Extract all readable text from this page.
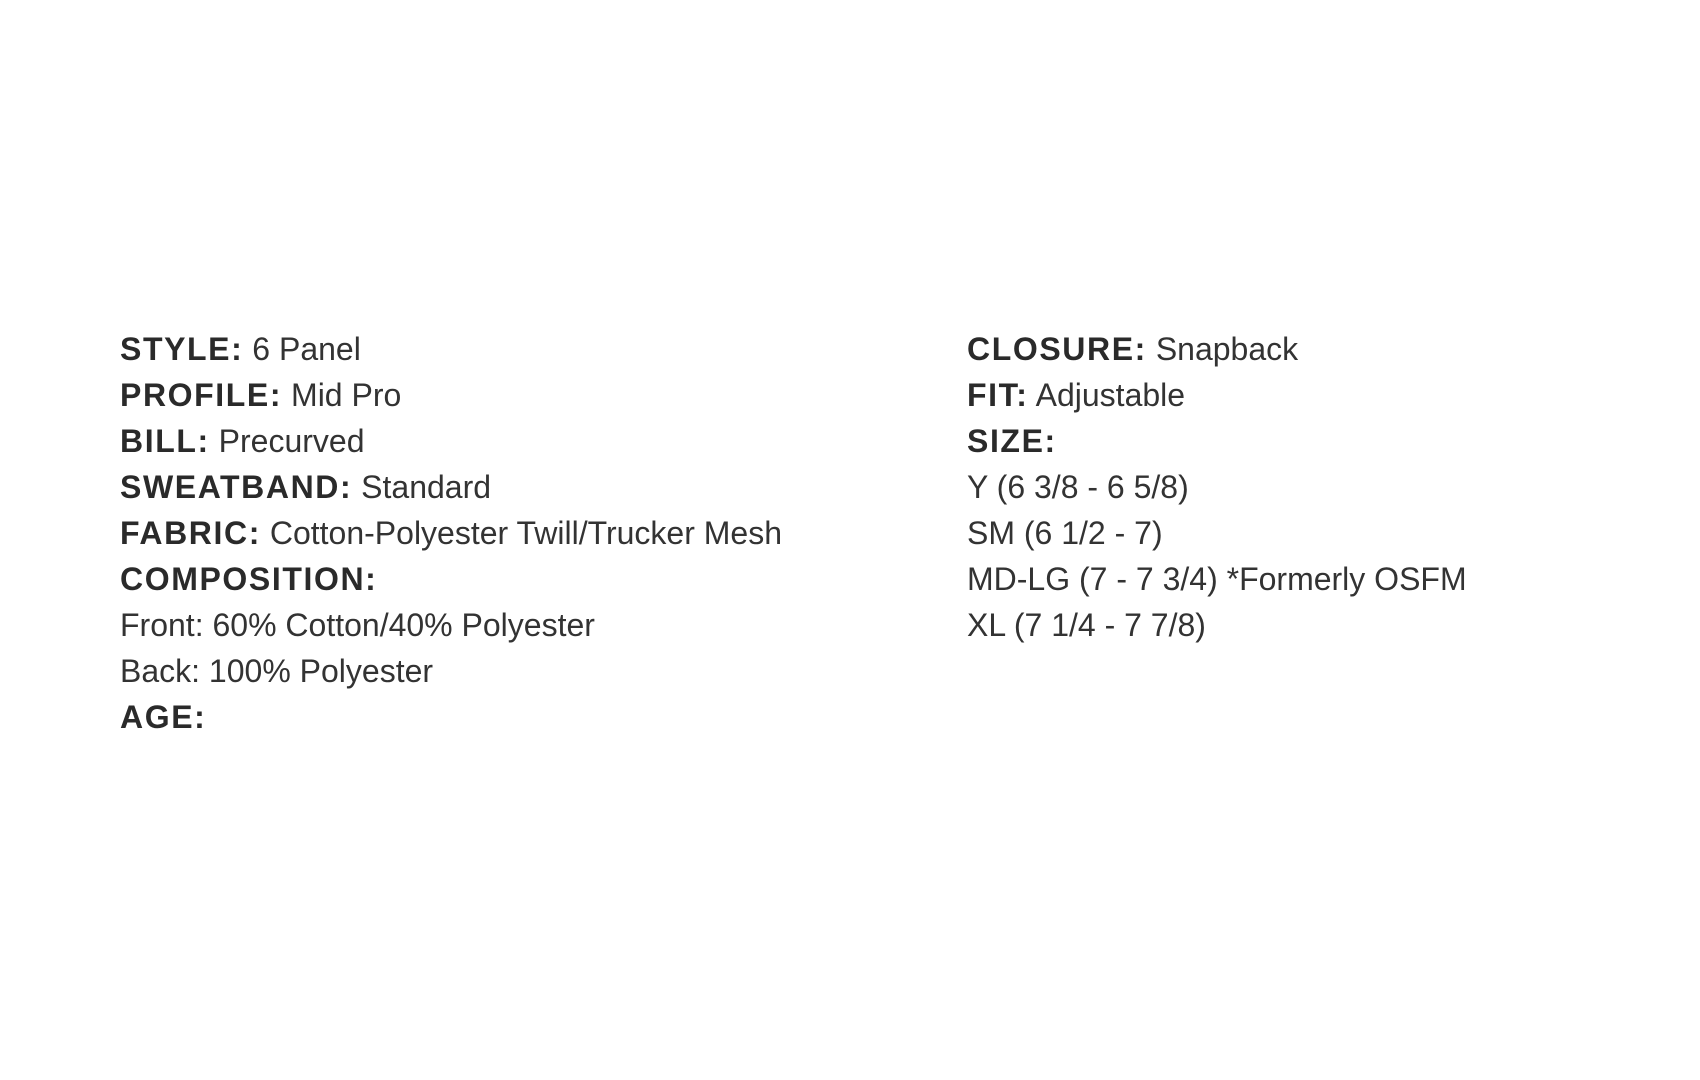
STYLE: 6 Panel
PROFILE: Mid Pro
BILL: Precurved
SWEATBAND: Standard
FABRIC: Cotton-Polyester Twill/Trucker Mesh
COMPOSITION:
Front: 60% Cotton/40% Polyester
Back: 100% Polyester
AGE:
CLOSURE: Snapback
FIT: Adjustable
SIZE:
Y (6 3/8 - 6 5/8)
SM (6 1/2 - 7)
MD-LG (7 - 7 3/4) *Formerly OSFM
XL (7 1/4 - 7 7/8)
